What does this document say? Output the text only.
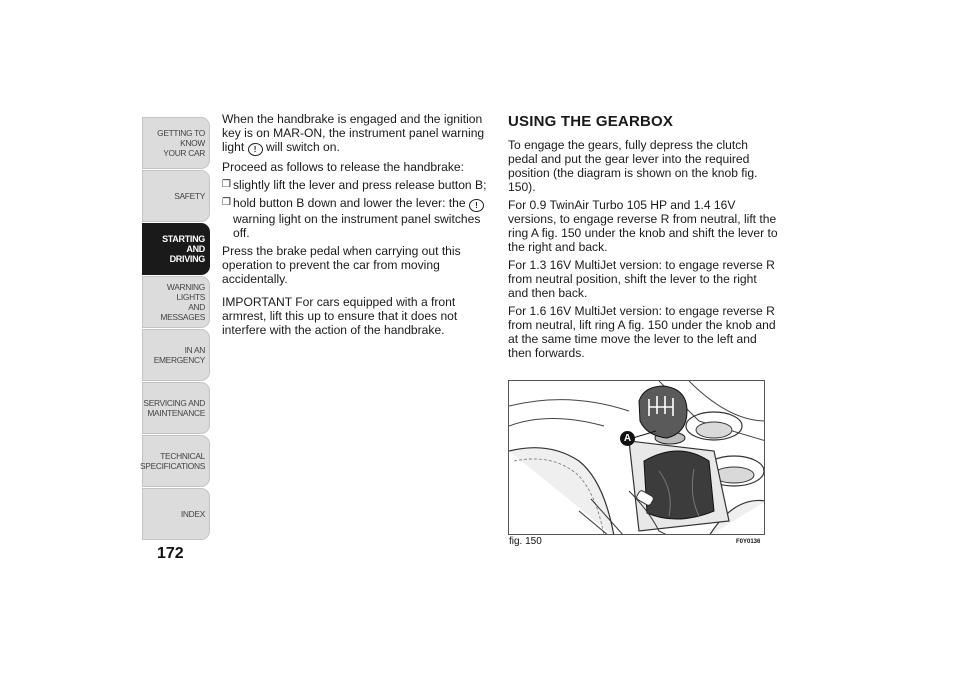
GETTING TO KNOW
YOUR CAR
SAFETY
STARTING AND
DRIVING
WARNING LIGHTS
AND MESSAGES
IN AN EMERGENCY
SERVICING AND
MAINTENANCE
TECHNICAL
SPECIFICATIONS
INDEX
172

When the handbrake is engaged and the ignition key is on MAR-ON, the instrument panel warning light ! will switch on.

Proceed as follows to release the handbrake:

❒ slightly lift the lever and press release button B;
❒ hold button B down and lower the lever: the ! warning light on the instrument panel switches off.

Press the brake pedal when carrying out this operation to prevent the car from moving accidentally.

IMPORTANT For cars equipped with a front armrest, lift this up to ensure that it does not interfere with the action of the handbrake.

USING THE GEARBOX

To engage the gears, fully depress the clutch pedal and put the gear lever into the required position (the diagram is shown on the knob fig. 150).

For 0.9 TwinAir Turbo 105 HP and 1.4 16V versions, to engage reverse R from neutral, lift the ring A fig. 150 under the knob and shift the lever to the right and back.

For 1.3 16V MultiJet version: to engage reverse R from neutral position, shift the lever to the right and then back.

For 1.6 16V MultiJet version: to engage reverse R from neutral, lift ring A fig. 150 under the knob and at the same time move the lever to the left and then forwards.

A
fig. 150	F0Y0136
